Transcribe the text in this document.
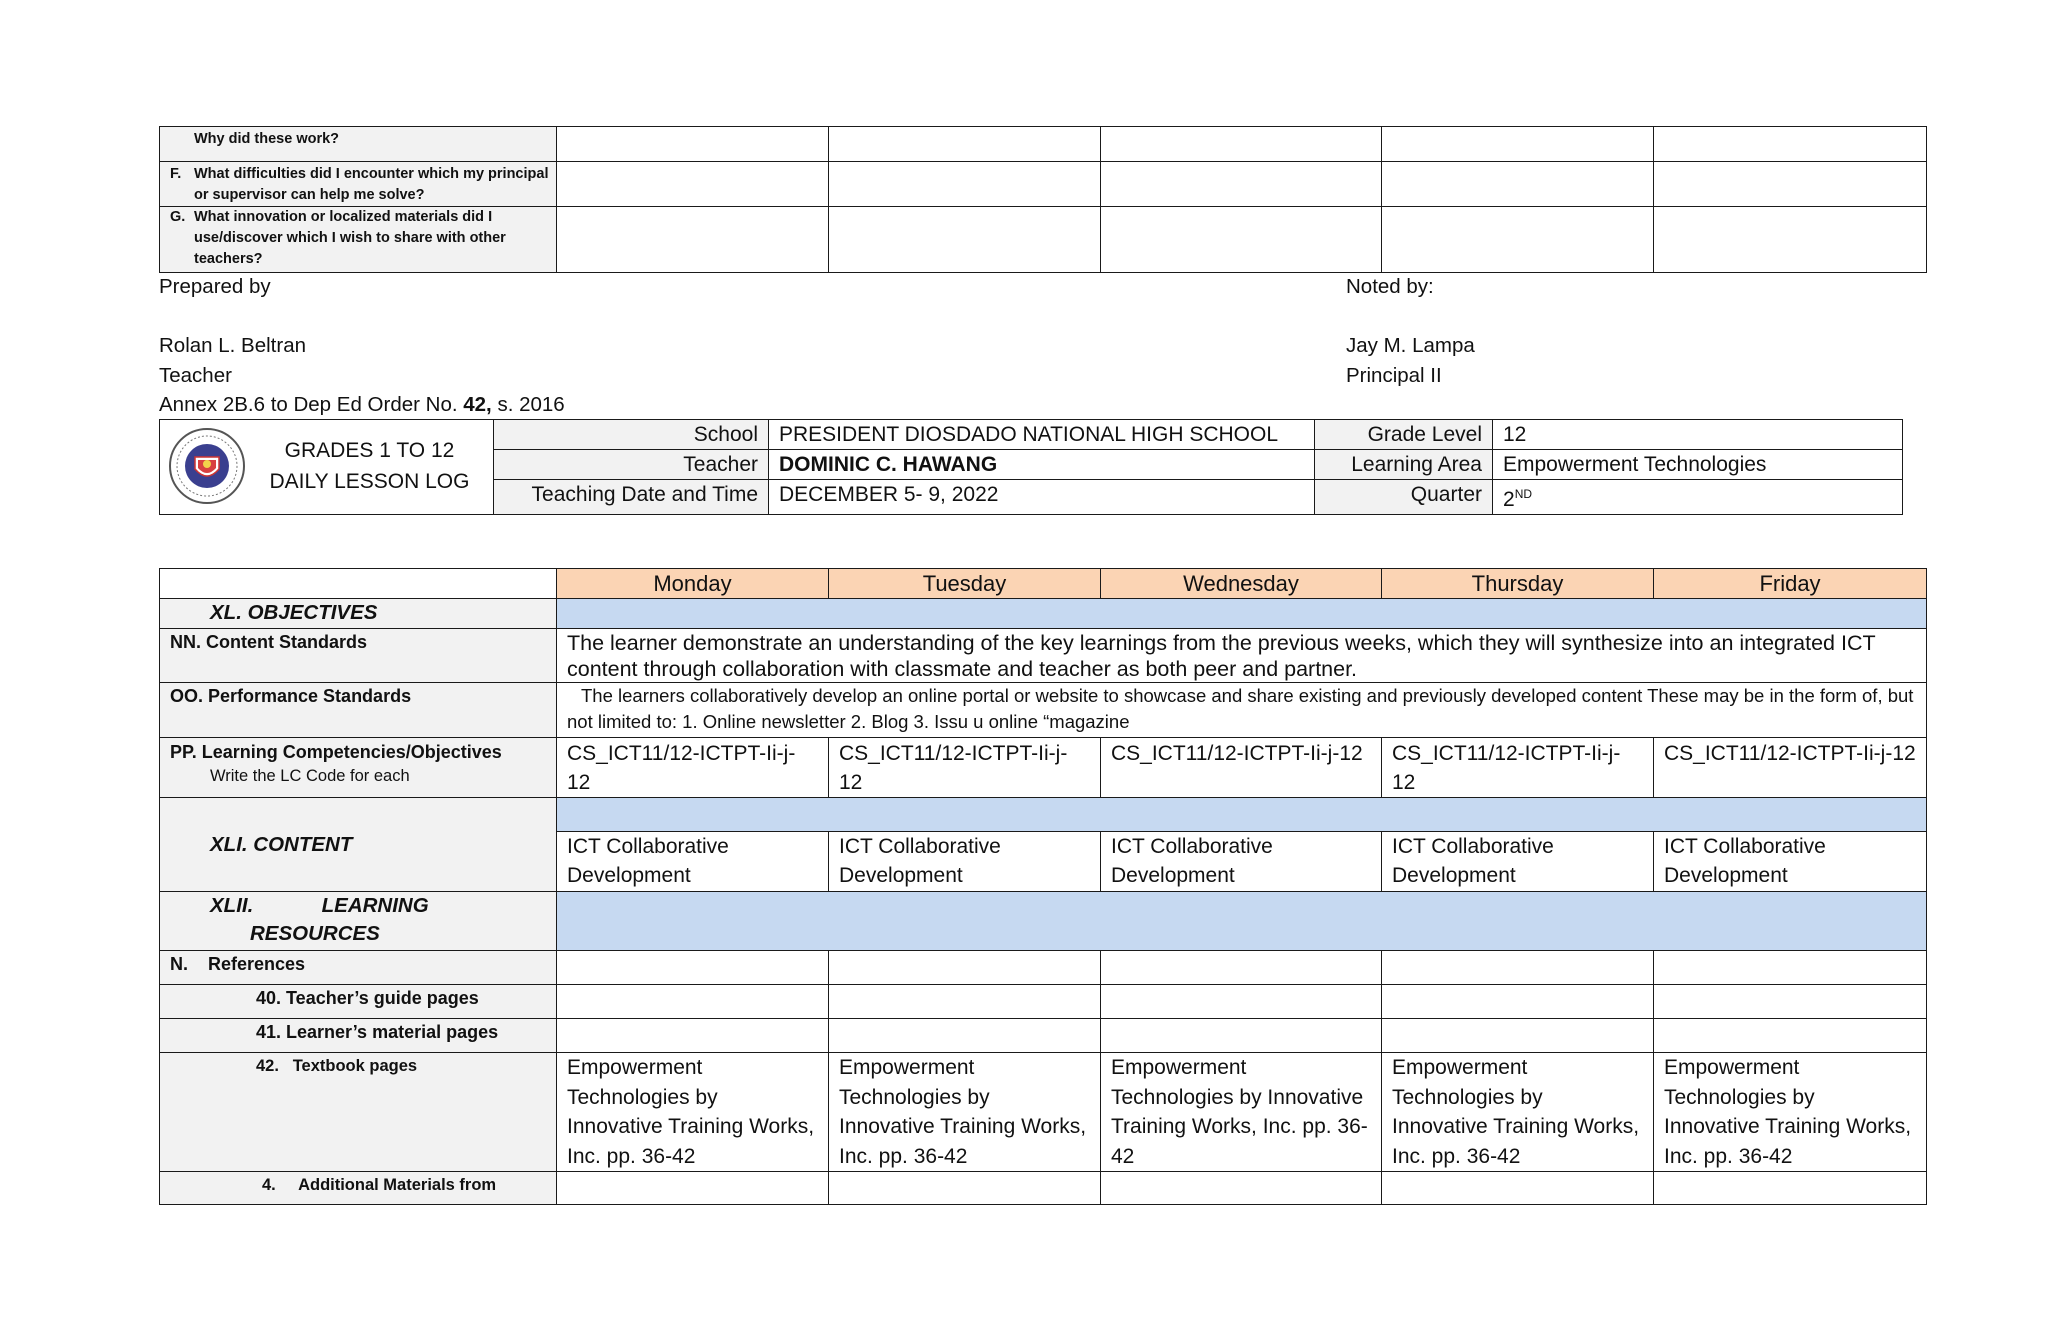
Why did these work?					

F. What difficulties did I encounter which my principal or supervisor can help me solve?					

G. What innovation or localized materials did I use/discover which I wish to share with other teachers?					

Prepared by
Rolan L. Beltran
Teacher
Noted by:
Jay M. Lampa
Principal II
Annex 2B.6 to Dep Ed Order No. 42, s. 2016
GRADES 1 TO 12
DAILY LESSON LOG	School	PRESIDENT DIOSDADO NATIONAL HIGH SCHOOL	Grade Level	12
	Teacher	DOMINIC C. HAWANG	Learning Area	Empowerment Technologies
	Teaching Date and Time	DECEMBER 5- 9, 2022	Quarter	2ND
	Monday	Tuesday	Wednesday	Thursday	Friday
XL. OBJECTIVES					
NN. Content Standards	The learner demonstrate an understanding of the key learnings from the previous weeks, which they will synthesize into an integrated ICT content through collaboration with classmate and teacher as both peer and partner.				
OO. Performance Standards	The learners collaboratively develop an online portal or website to showcase and share existing and previously developed content These may be in the form of, but not limited to: 1. Online newsletter 2. Blog 3. Issu u online “magazine				
PP. Learning Competencies/Objectives
Write the LC Code for each	CS_ICT11/12-ICTPT-Ii-j-12	CS_ICT11/12-ICTPT-Ii-j-12	CS_ICT11/12-ICTPT-Ii-j-12	CS_ICT11/12-ICTPT-Ii-j-12	CS_ICT11/12-ICTPT-Ii-j-12
XLI. CONTENT					
	ICT Collaborative Development	ICT Collaborative Development	ICT Collaborative Development	ICT Collaborative Development	ICT Collaborative Development

XLII.            LEARNING
RESOURCES					

N.    References					

40. Teacher’s guide pages					

41. Learner’s material pages					

42.   Textbook pages	Empowerment Technologies by Innovative Training Works, Inc. pp. 36-42	Empowerment Technologies by Innovative Training Works, Inc. pp. 36-42	Empowerment Technologies by Innovative Training Works, Inc. pp. 36-42	Empowerment Technologies by Innovative Training Works, Inc. pp. 36-42	Empowerment Technologies by Innovative Training Works, Inc. pp. 36-42

4.     Additional Materials from					
